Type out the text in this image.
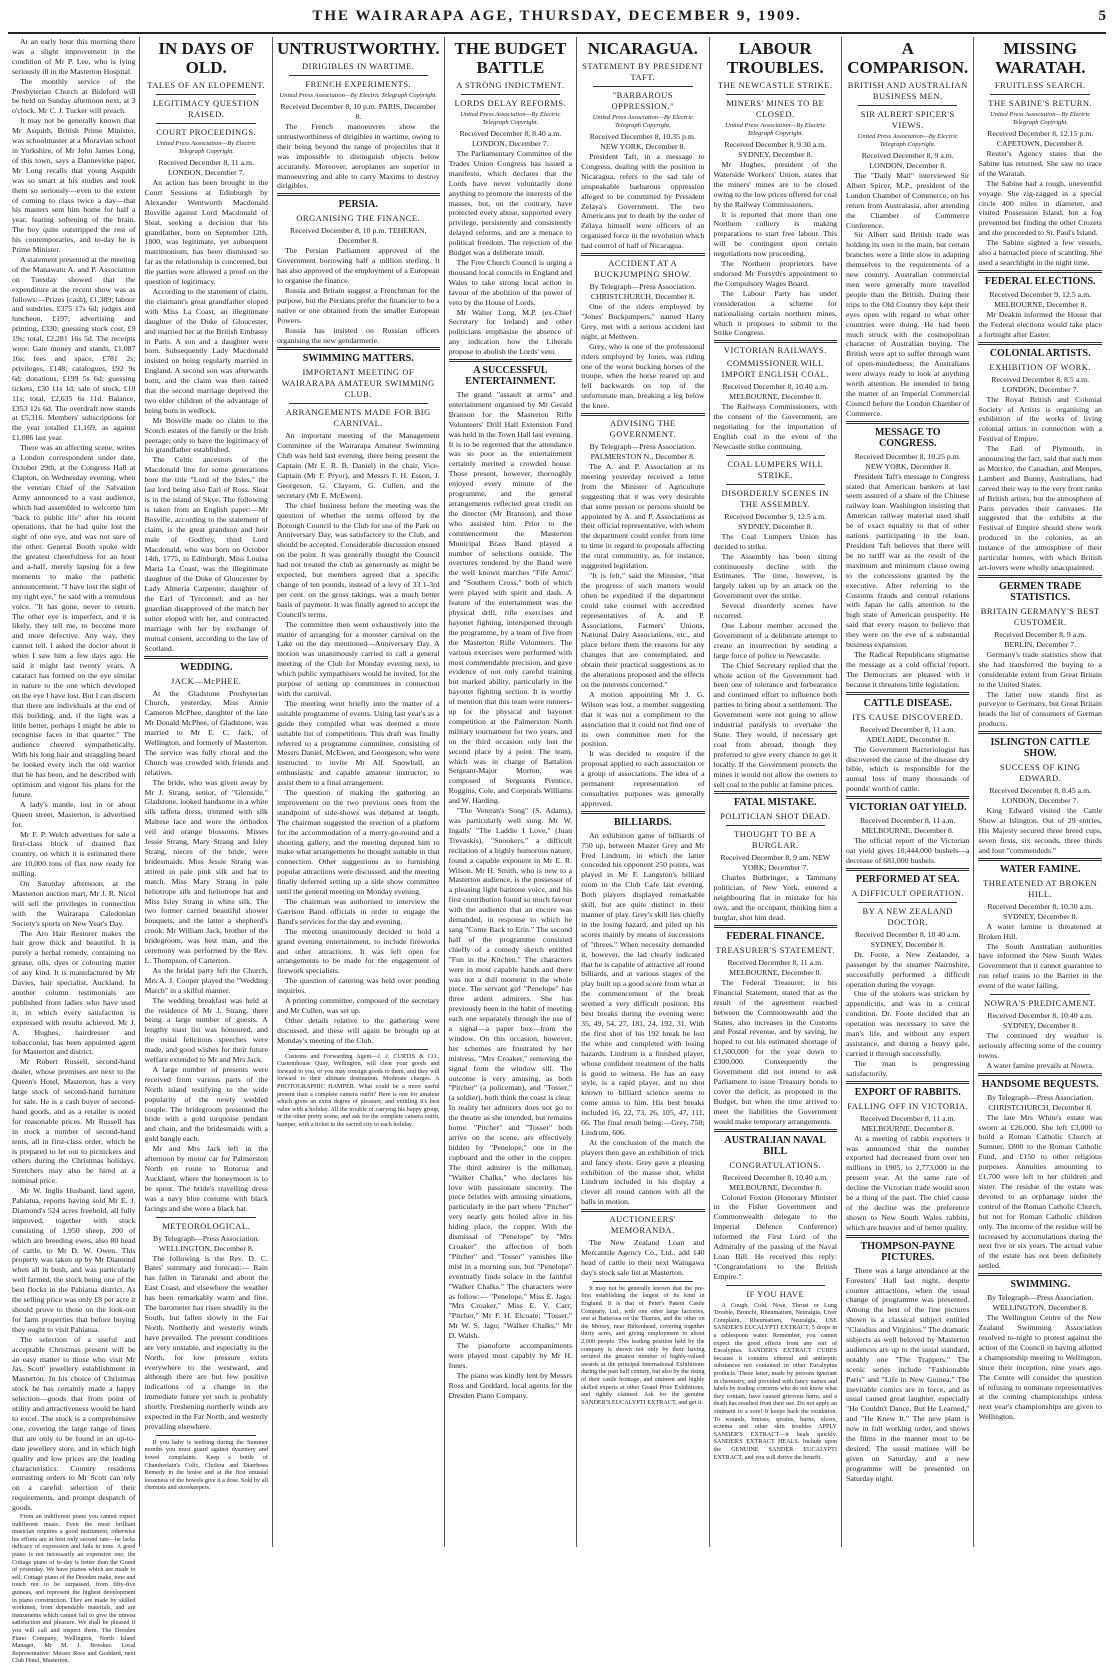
THE WAIRARAPA AGE, THURSDAY, DECEMBER 9, 1909.	5

At an early hour this morning there was a slight improvement in the condition of Mr P. Lee, who is lying seriously ill in the Masterton Hospital.

The monthly service of the Presbyterian Church at Bideford will be held on Sunday afternoon next, at 3 o'clock. Mr C. J. Tucker will preach.

It may not be generally known that Mr Asquith, British Prime Minister, was schoolmaster at a Moravian school in Yorkshire, of Mr John James Long, of this town, says a Dannevirke paper. Mr Long recalls that young Asquith was so smart at his studies and took them so seriously—even to the extent of coming to class twice a day—that his masters sent him home for half a year, fearing softening of the brain. The boy quite outstripped the rest of his contemporaries, and to-day he is Prime Minister.

A statement presented at the meeting of the Manawatu A. and P. Association on Tuesday showed that the expenditure at the recent show was as follows:—Prizes (cash), £1,389; labour and sundries, £375 17s 6d; judges and luncheon, £197; advertising and printing, £330; guessing stock cost, £9 19s; total, £2,281 16s 5d. The receipts were: Gate money and stands, £1,087 16s; fees and space, £781 2s; privileges, £148; catalogues, £92 9s 6d; donations, £199 5s 6d; guessing tickets, £30 11s 1d; sale of stock, £10 11s; total, £2,635 6s 11d. Balance, £353 12s 6d. The overdraft now stands at £5,316. Members' subscriptions for the year totalled £1,169, as against £1,086 last year.

There was an affecting scene, writes a London correspondent under date, October 29th, at the Congress Hall at Clapton, on Wednesday evening, when the veteran Chief of the Salvation Army announced to a vast audience, which had assembled to welcome him "back to public life" after his recent operations, that he had quite lost the sight of one eye, and was not sure of the other. General Booth spoke with the greatest cheerfulness for an hour and a-half, merely lapsing for a few moments to make the pathetic announcement. "I have lost the sight of my right eye," he said with a tremulous voice. "It has gone, never to return. The other eye is imperfect, and it is likely, they tell me, to become more and more defective. Any way, they cannot tell. I asked the doctor about it when I saw him a few days ago. He said it might last twenty years. A cataract has formed on the eye similar in nature to the one which developed on the eye I have lost. But I can discern that there are individuals at the end of this building, and, if the light was a little better, perhaps I might be able to recognise faces in that quarter." The audience cheered sympathetically. With his long hair and straggling beard he looked every inch the old warrior that he has been, and he described with optimism and vigour his plans for the future.

A lady's mantle, lost in or about Queen street, Masterton, is advertised for.

Mr F. P. Welch advertises for sale a first-class block of drained flax country, on which it is estimated there are 10,000 tons of flax now ready for milling.

On Saturday afternoon, at the Masterton auction mart, Mr J. R. Nicol will sell the privileges in connection with the Wairarapa Caledonian Society's sports on New Year's Day.

The Aro Hair Restorer makes the hair grow thick and beautiful. It is purely a herbal remedy, containing no grease, oils, dyes or colouring matter of any kind. It is manufactured by Mr Davies, hair specialist, Auckland. In another column testimonials are published from ladies who have used it, in which every satisfaction is expressed with results achieved. Mr J. A. Hughes, hairdresser and tobacconist, has been appointed agent for Masterton and district.

Mr Robert Russell, second-hand dealer, whose premises are next to the Queen's Hotel, Masterton, has a very large stock of second-hand furniture for sale. He is a cash buyer of second-hand goods, and as a retailer is noted for reasonable prices. Mr Russell has in stock a number of second-hand tents, all in first-class order, which he is prepared to let out to picnickers and others during the Christmas holidays. Stretchers may also be hired at a nominal price.

Mr W. Inglis Husband, land agent, Pahiatua, reports having sold Mr E. J. Diamond's 524 acres freehold, all fully improved, together with stock consisting of 1,950 sheep, 200 of which are breeding ewes, also 80 head of cattle, to Mr D. W. Owen. This property was taken up by Mr Diamond when all in bush, and was particularly well farmed, the stock being one of the best flocks in the Pahiatua district. As the selling price was only £8 per acre it should prove to those on the look-out for farm properties that before buying they ought to visit Pahiatua.

The selection of a useful and acceptable Christmas present will be an easy matter to those who visit Mr Jas. Scott' jewellery establishment in Masterton. In his choice of Christmas stock he has certainly made a happy selection—goods that from point of utility and attractiveness would be hard to excel. The stock is a comprehensive one, covering the large range of lines that are only to be found in an up-to-date jewellery store, and in which high quality and low prices are the leading characteristics. Country residents entrusting orders to Mr Scott can rely on a careful selection of their requirements, and prompt despatch of goods.

From an indifferent piano you cannot expect indifferent music. Even the most brilliant musician requires a good instrument, otherwise his efforts are at best only second rate—he lacks delicacy of expression and fails in tone. A good piano is not necessarily an expensive one; the Cottage piano of to-day is better than the Grand of yesterday. We have pianos which are made to sell. Cottage piano of the Dresden make, tone and touch not to be surpassed, from fifty-five guineas, and represent the highest development in piano construction. They are made by skilled workmen, from dependable materials, and are instruments which cannot fail to give the utmost satisfaction and pleasure. We shall be pleased if you will call and inspect them. The Dresden Piano Company, Wellington, North Island Manager, Mr M. J. Brookes. Local Representative: Messrs Ross and Goddard, next Club Hotel, Masterton.

IN DAYS OF OLD.
TALES OF AN ELOPEMENT.
LEGITIMACY QUESTION RAISED.
COURT PROCEEDINGS.
United Press Association—By Electric Telegraph Copyright.
Received December 8, 11 a.m. LONDON, December 7.

An action has been brought in the Court Sessions at Edinburgh by Alexander Wentworth Macdonald Bosville against Lord Macdonald of Sleat, seeking a decision that his grandfather, born on September 12th, 1800, was legitimate, yet subsequent matrimonium, has been dismissed so far as the relationship is concerned, but the parties were allowed a proof on the question of legitimacy.

According to the statement of claim, the claimant's great grandfather eloped with Miss La Coast, an illegitimate daughter of the Duke of Gloucester, and married her at the British Embassy in Paris. A son and a daughter were born. Subsequently Lady Macdonald insisted on being regularly married in England. A second son was afterwards born, and the claim was then raised that the second marriage deprived the two elder children of the advantage of being born in wedlock.

Mr Bosville made no claim to the Scotch estates of the family or the Irish peerage; only to have the legitimacy of his grandfather established.

The Celtic ancestors of the Macdonald line for some generations bore the title "Lord of the Isles," the last lord being also Earl of Ross. Sleat is in the island of Skye. The following is taken from an English paper:—Mr Bosville, according to the statement of claim, is the great grandson and heir male of Godfrey, third Lord Macdonald, who was born on October 14th, 1775, in Edinburgh. Miss Louisa Maria La Coast, was the illegitimate daughter of the Duke of Gloucester by Lady Almeria Carpenter, daughter of the Earl of Tyrconnel; and as her guardian disapproved of the match her suitor eloped with her, and contracted marriage with her by exchange of mutual consent, according to the law of Scotland.

WEDDING.
JACK—McPHEE.

At the Gladstone Presbyterian Church, yesterday, Miss Annie Cameron McPhee, daughter of the late Mr Donald McPhee, of Gladstone, was married to Mr E. C. Jack, of Wellington, and formerly of Masterton. The service was fully choral and the Church was crowded with friends and relatives.

The bride, who was given away by Mr J. Strang, senior, of "Glenside," Gladstone, looked handsome in a white silk taffeta dress, trimmed with silk Maltese lace and wore the orthodox veil and orange blossoms. Misses Jessie Strang, Mary Strang and Isley Strang, nieces of the bride, were bridesmaids. Miss Jessie Strang was attired in pale pink silk and hat to match. Miss Mary Strang in pale heliotrope silk and heliotrope hat and Miss Isley Strang in white silk. The two former carried beautiful shower bouquets, and the latter a shepherd's crook. Mr William Jack, brother of the bridegroom, was best man, and the ceremony was performed by the Rev. L. Thompson, of Carterton.

As the bridal party left the Church, Mrs A. J. Cooper played the "Wedding March" in a skilful manner.

The wedding breakfast was held at the residence of Mr J. Strang, there being a large number of guests. A lengthy toast list was honoured, and the usual felicitous speeches were made, and good wishes for their future welfare extended to Mr and Mrs Jack.

A large number of presents were received from various parts of the North island testifying to the wide popularity of the newly wedded couple. The bridegroom presented the bride with a gold turquoise pendant and chain, and the bridesmaids with a gold bangle each.

Mr and Mrs Jack left in the afternoon by motor car for Palmerston North en route to Rotorua and Auckland, where the honeymoon is to be spent. The bride's travelling dress was a navy blue costume with black facings and she wore a black hat.

METEOROLOGICAL.
By Telegraph—Press Association. WELLINGTON, December 8.

The following is the Rev. D. C. Bates' summary and forecast:— Rain has fallen in Taranaki and about the East Coast, and elsewhere the weather has been remarkably warm and fine. The barometer has risen steadily in the South, but fallen slowly in the Far North. Northerly and westerly winds have prevailed. The present conditions are very unstable, and especially in the North, for low pressure exists everywhere to the westward, and although there are but few positive indications of a change in the immediate future yet such is probably shortly. Freshening northerly winds are expected in the Far North, and westerly prevailing elsewhere.

If you baby is teething during the Summer months you must guard against dysentery and bowel complaints. Keep a bottle of Chamberlain's Colic, Cholera and Diarrhoea Remedy in the house and at the first unusual looseness of the bowels give it a dose. Sold by all chemists and storekeepers.

UNTRUSTWORTHY.
DIRIGIBLES IN WARTIME.
FRENCH EXPERIMENTS.
United Press Association—By Electric Telegraph Copyright.
Received December 8, 10 p.m. PARIS, December 8.

The French manoeuvres show the untrustworthiness of dirigibles in wartime, owing to their being beyond the range of projectiles that it was impossible to distinguish objects below accurately. Moreover, aeroplanes are superior in manoeuvring and able to carry Maxims to destroy dirigibles.

PERSIA.
ORGANISING THE FINANCE.
Received December 8, 10 p.m. TEHERAN, December 8.

The Persian Parliament approved of the Government borrowing half a million sterling. It has also approved of the employment of a European to organise the finance.

Russia and Britain suggest a Frenchman for the purpose, but the Persians prefer the financier to be a native or one obtained from the smaller European Powers.

Russia has insisted on Russian officers organising the new gendarmerie.

SWIMMING MATTERS.
IMPORTANT MEETING OF WAIRARAPA AMATEUR SWIMMING CLUB.
ARRANGEMENTS MADE FOR BIG CARNIVAL.

An important meeting of the Management Committee of the Wairarapa Amateur Swimming Club was held last evening, there being present the Captain (Mr E. R. B. Daniel) in the chair, Vice-Captain (Mr F. Pryor), and Messrs F. H. Esson, J. Georgeson, G. Clayson, G. Cullen, and the secretary (Mr E. McEwen).

The chief business before the meeting was the question of whether the terms offered by the Borough Council to the Club for use of the Park on Anniversary Day, was satisfactory to the Club, and should be accepted. Considerable discussion ensued on the point. It was generally thought the Council had not treated the club as generously as might be expected, but members agreed that a specific change of ten pounds, instead of a levy of 33 1-3rd per cent. on the gross takings, was a much better basis of payment. It was finally agreed to accept the Council's terms.

The committee then went exhaustively into the matter of arranging for a monster carnival on the Lake on the day mentioned—Anniversary Day. A motion was unanimously carried to call a general meeting of the Club for Monday evening next, to which public sympathisers would be invited, for the purpose of setting up committees in connection with the carnival.

The meeting went briefly into the matter of a suitable programme of events. Using last year's as a guide they compiled what was deemed a more suitable list of competitions. This draft was finally referred to a programme committee, consisting of Messrs Daniel, McEwen, and Georgeson, who were instructed to invite Mr Alf. Snowball, an enthusiastic and capable amateur instructor, to assist them to a final arrangement.

The question of making the gathering an improvement on the two previous ones from the standpoint of side-shows was debated at length. The chairman suggested the erection of a platform for the accommodation of a merry-go-round and a shooting gallery, and the meeting deputed him to make what arrangements he thought suitable in that connection. Other suggestions as to furnishing popular attractions were discussed, and the meeting finally deferred setting up a side show committee until the general meeting on Monday evening.

The chairman was authorised to interview the Garrison Band officials in order to engage the Band's services for the day and evening.

The meeting unanimously decided to hold a grand evening entertainment, to include fireworks and other attractions. It was left open for arrangements to be made for the engagement of firework specialists.

The question of catering was held over pending inquiries.

A printing committee, composed of the secretary and Mr Cullen, was set up.

Other details relative to the gathering were discussed, and these will again be brought up at Monday's meeting of the Club.

Customs and Forwarding Agent—J. J. CURTIS & CO., Customhouse Quay, Wellington, will clear your goods and forward to you, or you may consign goods to them, and they will forward to their ultimate destination. Moderate charges. A PHOTOGRAPHIC HAMPER. What could be a more useful present than a complete camera outfit? Here is one for amateur which gives an extra degree of pleasure, and entitling it's best value with a holiday. All the trouble of carrying his happy group, or the other pretty scene, and ask for the complete camera outfit, hamper, with a ticket to the sacred city to each holiday.

THE BUDGET BATTLE
A STRONG INDICTMENT.
LORDS DELAY REFORMS.
United Press Association—By Electric Telegraph Copyright.
Received December 8, 8.40 a.m. LONDON, December 7.

The Parliamentary Committee of the Trades Union Congress has issued a manifesto, which declares that the Lords have never voluntarily done anything to promote the interests of the masses, but, on the contrary, have protected every abuse, supported every privilege, persistently and consistently delayed reforms, and are a menace to political freedom. The rejection of the Budget was a deliberate insult.

The Free Church Council is urging a thousand local councils in England and Wales to take strong local action in favour of the abolition of the power of veto by the House of Lords.

Mr Walter Long, M.P. (ex-Chief Secretary for Ireland) and other politicians emphasise the absence of any indication how the Liberals propose to abolish the Lords' veto.

A SUCCESSFUL ENTERTAINMENT.

The grand "assault at arms" and entertainment organised by Mr Gerald Branson for the Masterton Rifle Volunteers' Drill Hall Extension Fund was held in the Town Hall last evening. It is to be regretted that the attendance was so poor as the entertainment certainly merited a crowded house. Those present, however, thoroughly enjoyed every minute of the programme, and the general arrangements reflected great credit on the director (Mr Branson), and those who assisted him. Prior to the commencement the Masterton Municipal Brass Band played a number of selections outside. The overtures rendered by the Band were the well known marches "Fife Arms" and "Southern Cross," both of which were played with spirit and dash. A feature of the entertainment was the physical drill, rifle exercises and bayonet fighting, interspersed through the programme, by a team of five from the Masterton Rifle Volunteers. The various exercises were performed with most commendable precision, and gave evidence of not only careful training but marked ability, particularly in the bayonet fighting section. It is worthy of mention that this team were runners-up for the physical and bayonet competition at the Palmerston North military tournament for two years, and on the third occasion only lost the second place by a point. The team, which was in charge of Battalion Sergeant-Major Morton, was composed of Sergeants Prentice, Roggins, Cole, and Corporals Williams and W. Harding.

"The Veteran's Song" (S. Adams), was particularly well sung. Mr W. Ingalls' "The Laddie I Love," (Juan Trevaskis), "Snookers," a difficult recitation of a highly humorous nature, found a capable exponent in Mr E. R. Wilson. Mr H. Smith, who is new to a Masterton audience, is the possessor of a pleasing light baritone voice, and his first contribution found so much favour with the audience that an encore was demanded, in response to which he sang "Come Back to Erin." The second half of the programme consisted chiefly of a comedy sketch entitled "Fun in the Kitchen." The characters were in most capable hands and there was not a dull moment in the whole piece. The servant girl "Penelope" has three ardent admirers. She has previously been in the habit of meeting each one separately through the use of a signal—a paper box—from the window. On this occasion, however, her schemes are frustrated by her mistress, "Mrs Croaker," removing the signal from the window sill. The outcome is very amusing, as both "Pitcher" (a policeman), and "Tosser," (a soldier), both think the coast is clear. In reality her admirers does not go to the theatre as she intended, but remains home. "Pitcher" and "Tosser" both arrive on the scene, are effectively hidden by "Penelope," one in the cupboard and the other in the copper. The third admirer is the milkman, "Walker Chalks," who declares his love with passionate sincerity. The piece bristles with amusing situations, particularly in the part where "Pitcher" very nearly gets boiled alive in his hiding place, the copper. With the dismissal of "Penelope" by "Mrs Croaker" the affection of both "Pitcher" and "Tosser" vanishes like mist in a morning sun, but "Penelope" eventually finds solace in the faithful "Walker Chalks." The characters were as follow:— "Penelope," Miss E. Jago; "Mrs Croaker," Miss E. V. Carr; "Pitcher," Mr F. H. Elcoate; "Tosser," Mr W. S. Jago; "Walker Chalks," Mr D. Walsh.

The pianoforte accompaniments were played most capably by Mr H. Innes.

The piano was kindly lent by Messrs Ross and Goddard, local agents for the Dresden Piano Company.

NICARAGUA.
STATEMENT BY PRESIDENT TAFT.
"BARBAROUS OPPRESSION."
United Press Association—By Electric Telegraph Copyright.
Received December 8, 10.35 p.m. NEW YORK, December 8.

President Taft, in a message to Congress, dealing with the position in Nicaragua, refers to the sad tale of unspeakable barbarous oppression alleged to be committed by President Zelaya's Government. The two Americans put to death by the order of Zelaya himself were officers of an organised force in the revolution which had control of half of Nicaragua.

ACCIDENT AT A BUCKJUMPING SHOW.
By Telegraph—Press Association. CHRISTCHURCH, December 8.

One of the riders employed by "Jones' Buckjumpers," named Harry Grey, met with a serious accident last night, at Methven.

Grey, who is one of the professional riders employed by Jones, was riding one of the worst bucking horses of the troupe, when the horse reared up and fell backwards on top of the unfortunate man, breaking a leg below the knee.

ADVISING THE GOVERNMENT.
By Telegraph—Press Association. PALMERSTON N., December 8.

The A. and P. Association at its meeting yesterday received a letter from the Minister of Agriculture suggesting that it was very desirable that some person or persons should be appointed by A. and P. Associations as their official representative, with whom the department could confer from time to time in regard to proposals affecting the rural community, as, for instance, suggested legislation.

"It is felt," said the Minister, "that the progress of such matters would often be expedited if the department could take counsel with accredited representatives of A. and P. Associations, Farmers' Unions, National Dairy Associations, etc., and place before them the reasons for any changes that are contemplated, and obtain their practical suggestions as to the alterations proposed and the effects on the interests concerned."

A motion appointing Mr J. G. Wilson was lost, a member suggesting that it was not a compliment to the association that it could not find one of its own committee men for the position.

It was decided to enquire if the proposal applied to each association or a group of associations. The idea of a permanent representation of consultative purposes was generally approved.

BILLIARDS.

An exhibition game of billiards of 750 up, between Master Grey and Mr Fred Lindrum, in which the latter conceded his opponent 250 points, was played in Mr F. Langston's billiard room in the Club Cafe last evening. Both players displayed remarkable skill, but are quite distinct in their manner of play. Grey's skill lies chiefly in the losing hazard, and piled up his scores mainly by means of successions of "threes." When necessity demanded it, however, the lad clearly indicated that he is capable of attractive all round billiards, and at various stages of the play built up a good score from what at the commencement of the break seemed a very difficult position. His best breaks during the evening were: 35, 49, 54, 27, 181, 24, 192, 31. With the first shot of his 192 break he lost the white and completed with losing hazards. Lindrum is a finished player, whose confident treatment of the balls is good to witness. He has an easy style, is a rapid player, and no shot known to billiard science seems to come amiss to him. His best breaks included 16, 22, 73, 26, 105, 47, 111, 66. The final result being:—Grey, 750; Lindrum, 606.

At the conclusion of the match the players then gave an exhibition of trick and fancy shots. Grey gave a pleasing exhibition of the masse shot, whilst Lindrum included in his display a clever all round cannon with all the balls in motion.

AUCTIONEERS' MEMORANDA.

The New Zealand Loan and Mercantile Agency Co., Ltd., add 140 head of cattle to their next Waingawa day's stock sale list at Masterton.

It may not be generally known that the pre-first establishing the largest of its kind in England. It is that of Peter's Patent Castle Company, Ltd., with one other large factories, one at Battersea on the Thames, and the other on the Mersey, near Birkenhead, covering together thirty acres, and giving employment to about 2,000 people. This leading position held by the company is shown not only by their having secured the greatest number of highly-valued awards at the principal International Exhibitions during the past half century, but also by the rising of their castle frontage, and eminent and highly skilled experts at other Grand Prize Exhibitions, and rightly claimed. Ask for the genuine SANDER'S EUCALYPTI EXTRACT, and get it.

LABOUR TROUBLES.
THE NEWCASTLE STRIKE.
MINERS' MINES TO BE CLOSED.
United Press Association—By Electric Telegraph Copyright.
Received December 8, 9.30 a.m. SYDNEY, December 8.

Mr Hughes, president of the Waterside Workers' Union, states that the miners' mines are to be closed owing to the low prices offered for coal by the Railway Commissioners.

It is reported that more than one Northern colliery is making preparations to start free labour. This will be contingent upon certain negotiations now proceeding.

The Northern proprietors have endorsed Mr Forsyth's appointment to the Compulsory Wages Board.

The Labour Party has under consideration a scheme for nationalising certain northern mines, which it proposes to submit to the Strike Congress.

VICTORIAN RAILWAYS.
COMMISSIONER WILL IMPORT ENGLISH COAL.
Received December 8, 10.40 a.m. MELBOURNE, December 8.

The Railways Commissioners, with the consent of the Government, are negotiating for the importation of English coal in the event of the Newcastle strike continuing.

COAL LUMPERS WILL STRIKE.
DISORDERLY SCENES IN THE ASSEMBLY.
Received December 9, 12.5 a.m. SYDNEY, December 8.

The Coal Lumpers Union has decided to strike.

The Assembly has been sitting continuously decline with the Estimates. The time, however, is largely taken up by an attack on the Government over the strike.

Several disorderly scenes have occurred.

One Labour member accused the Government of a deliberate attempt to create an insurrection by sending a large force of police to Newcastle.

The Chief Secretary replied that the whole action of the Government had been one of tolerance and forbearance and continued effort to influence both parties to bring about a settlement. The Government were not going to allow industrial paralysis to overtake the State. They would, if necessary get coal from abroad, though they preferred to give every chance to get it locally. If the Government protects the mines it would not allow the owners to sell coal to the public at famine prices.

FATAL MISTAKE.
POLITICIAN SHOT DEAD.
THOUGHT TO BE A BURGLAR.
Received December 8, 9 am. NEW YORK, December 7.

Charles Butbringer, a Tammany politician, of New York, entered a neighbouring flat in mistake for his own, and the occupant, thinking him a burglar, shot him dead.

FEDERAL FINANCE.
TREASURER'S STATEMENT.
Received December 8, 11 a.m. MELBOURNE, December 8.

The Federal Treasurer, in his Financial Statement, stated that as the result of the agreement reached between the Commonwealth and the States, also increases in the Customs and Postal revenue, and by saving, he hoped to cut his estimated shortage of £1,500,000 for the year down to £300,000. Consequently the Government did not intend to ask Parliament to issue Treasury bonds to cover the deficit, as proposed in the Budget, but when the time arrived to meet the liabilities the Government would make temporary arrangements.

AUSTRALIAN NAVAL BILL
CONGRATULATIONS.
Received December 8, 10.40 a.m. MELBOURNE, December 8.

Colonel Foxton (Honorary Minister in the Fisher Government and Commonwealth delegate to the Imperial Defence Conference) informed the First Lord of the Admiralty of the passing of the Naval Loan Bill. He received this reply: "Congratulations to the British Empire."

IF YOU HAVE

A Cough, Cold, Nose, Throat or Lung Trouble, Bronchi, Rheumatism, Neuralgia, Liver Complaint, Rheumatism, Neuralgia, USE SANDER'S EUCALYPTI EXTRACT, 5 drops in a tablespoon water. Remember, you cannot expect the good effects from any sort of Eucalyptus. SANDER'S EXTRACT CURES because it contains ethereal and antiseptic substances not contained in other Eucalyptus products. These latter, made by persons ignorant in chemistry, and provided with fancy names and labels by trading concerns who do not know what they contain, have caused grievous harm, and a death has resulted from their use. Do not apply an ointment to a sore! It keeps back the exudation. To wounds, bruises, sprains, burns, ulcers, eczema and other skin troubles APPLY SANDER'S EXTRACT—it heals quickly. SANDER'S EXTRACT HEALS. Include upon the GENUINE SANDER EUCALYPTI EXTRACT, and you will derive the benefit.

A COMPARISON.
BRITISH AND AUSTRALIAN BUSINESS MEN.
SIR ALBERT SPICER'S VIEWS.
United Press Association—By Electric Telegraph Copyright.
Received December 8, 9 a.m. LONDON, December 8.

The "Daily Mail" interviewed Sir Albert Spicer, M.P., president of the London Chamber of Commerce, on his return from Australasia, after attending the Chamber of Commerce Conference.

Sir Albert said British trade was holding its own in the main, but certain branches were a little slow in adapting themselves to the requirements of a new country. Australian commercial men were generally more travelled people than the British. During their trips to the Old Country they kept their eyes open with regard to what other countries were doing. He had been much struck with the cosmopolitan character of Australian buying. The British were apt to suffer through want of open-mindedness; the Australians were always ready to look at anything worth attention. He intended to bring the matter of an Imperial Commercial Council before the London Chamber of Commerce.

MESSAGE TO CONGRESS.
Received December 8, 10.25 p.m. NEW YORK, December 8.

President Taft's message to Congress stated that American bankers at last seem assured of a share of the Chinese railway loan. Washington insisting that American railway material used shall be of exact equality to that of other nations participating in the loan. President Taft believes that there will be no tariff war as the result of the maximum and minimum clause owing to the concessions granted by the executive. After referring to the Customs frauds and central relations with Japan he calls attention to the high state of American prosperity. He said that every reason to believe that they were on the eve of a substantial business expansion.

The Radical Republicans stigmatise the message as a cold official report. The Democrats are pleased with it because it threatens little legislation.

CATTLE DISEASE.
ITS CAUSE DISCOVERED.
Received December 8, 11 a.m. ADELAIDE, December 8.

The Government Bacteriologist has discovered the cause of the disease dry bible, which is responsible for the annual loss of many thousands of pounds' worth of cattle.

VICTORIAN OAT YIELD.
Received December 8, 11 a.m. MELBOURNE, December 8.

The official report of the Victorian oat yield gives 10,444,000 bushels—a decrease of 681,000 bushels.

PERFORMED AT SEA.
A DIFFICULT OPERATION.
BY A NEW ZEALAND DOCTOR.
Received December 8, 10 40 a.m. SYDNEY, December 8.

Dr. Foote, a New Zealander, a passenger by the steamer Nairnshire, successfully performed a difficult operation during the voyage.

One of the stokers was stricken by appendicitis, and was in a critical condition. Dr. Foote decided that an operation was necessary to save the man's life, and without any expert assistance, and during a heavy gale, carried it through successfully.

The man is progressing satisfactorily.

EXPORT OF RABBITS.
FALLING OFF IN VICTORIA.
Received December 8, 11 a.m. MELBOURNE, December 8.

At a meeting of rabbit exporters it was announced that the number exported had decreased from over ten millions in 1905, to 2,773,000 in the present year. At the same rate of decline the Victorian trade would soon be a thing of the past. The chief cause of the decline was the preference shown to New South Wales rabbits, which are heavier and of better quality.

THOMPSON-PAYNE PICTURES.

There was a large attendance at the Foresters' Hall last night, despite counter attractions, when the usual change of programme was presented. Among the best of the fine pictures shown is a classical subject entitled "Claudius and Virginius." The dramatic subjects as well beloved by Masterton audiences are up to the usual standard, notably one "The Trappers." The scenic series include "Fashionable Paris" and "Life in New Guinea." The inevitable comics are in force, and as usual caused great laughter, especially "He Couldn't Dance, But He Learned," and "He Knew It." The new plant is now in full working order, and shows the films in the manner most to be desired. The usual matinee will be given on Saturday, and a new programme will be presented on Saturday night.

MISSING WARATAH.
FRUITLESS SEARCH.
THE SABINE'S RETURN.
United Press Association—By Electric Telegraph Copyright.
Received December 8, 12.15 p.m. CAPETOWN, December 8.

Reuter's Agency states that the Sabine has returned. She saw no trace of the Waratah.

The Sabine had a rough, uneventful voyage. She zig-zagged in a special circle 400 miles in diameter, and visited Possession Island, but a fog prevented her finding the other Crozets and she proceeded to St. Paul's Island.

The Sabine sighted a few vessels, also a barnacled piece of scantling. She used a searchlight in the night time.

FEDERAL ELECTIONS.
Received December 9, 12.5 a.m. MELBOURNE, December 8.

Mr Deakin informed the House that the Federal elections would take place a fortnight after Easter.

COLONIAL ARTISTS.
EXHIBITION OF WORK.
Received December 8, 8.5 a.m. LONDON, December 7.

The Royal British and Colonial Society of Artists is organising an exhibition of the works of living colonial artists in connection with a Festival of Empire.

The Earl of Plymouth, in announcing the fact, said that such men as Morrice, the Canadian, and Menpes, Lambert and Bunny, Australians, had carved their way to the very front ranks of British artists, but the atmosphere of Paris pervades their canvases. He suggested that the exhibits at the Festival of Empire should show work produced in the colonies, as an instance of the atmosphere of their particular homes, with which British art-lovers were wholly unacquainted.

GERMEN TRADE STATISTICS.
BRITAIN GERMANY'S BEST CUSTOMER.
Received December 8, 9 a.m. BERLIN, December 7.

Germany's trade statistics show that she had transferred the buying to a considerable extent from Great Britain to the United States.

The latter now stands first as purveyor to Germany, but Great Britain heads the list of consumers of German products.

ISLINGTON CATTLE SHOW.
SUCCESS OF KING EDWARD.
Received December 8, 8.45 a.m. LONDON, December 7.

King Edward visited the Cattle Show at Islington. Out of 29 entries, His Majesty secured three breed cups, seven firsts, six seconds, three thirds and four "commendeds."

WATER FAMINE.
THREATENED AT BROKEN HILL.
Received December 8, 10.30 a.m. SYDNEY, December 8.

A water famine is threatened at Broken Hill.

The South Australian authorities have informed the New South Wales Government that it cannot guarantee to run relief trains to the Barrier in the event of the water failing.

NOWRA'S PREDICAMENT.
Received December 8, 10.40 a.m. SYDNEY, December 8.

The continued dry weather is seriously affecting some of the country towns.

A water famine prevails at Nowra.

HANDSOME BEQUESTS.
By Telegraph—Press Association. CHRISTCHURCH, December 8.

The late Mrs White's estate was sworn at £26,000. She left £3,000 to build a Roman Catholic Church at Sumner, £800 to the Roman Catholic Fund, and £150 to other religious purposes. Annuities amounting to £1,700 were left to her children and sister. The residue of the estate was devoted to an orphanage under the control of the Roman Catholic Church, but not for Roman Catholic children only. The income of the residue will be increased by accumulations during the next five or six years. The actual value of the estate has not been definitely settled.

SWIMMING.
By Telegraph—Press Association. WELLINGTON, December 8.

The Wellington Centre of the New Zealand Swimming Association resolved to-night to protest against the action of the Council in having allotted a championship meeting to Wellington, since their inception, nine years ago. The Centre will consider the question of refusing to nominate representatives at the coming championships unless next year's championships are given to Wellington.
